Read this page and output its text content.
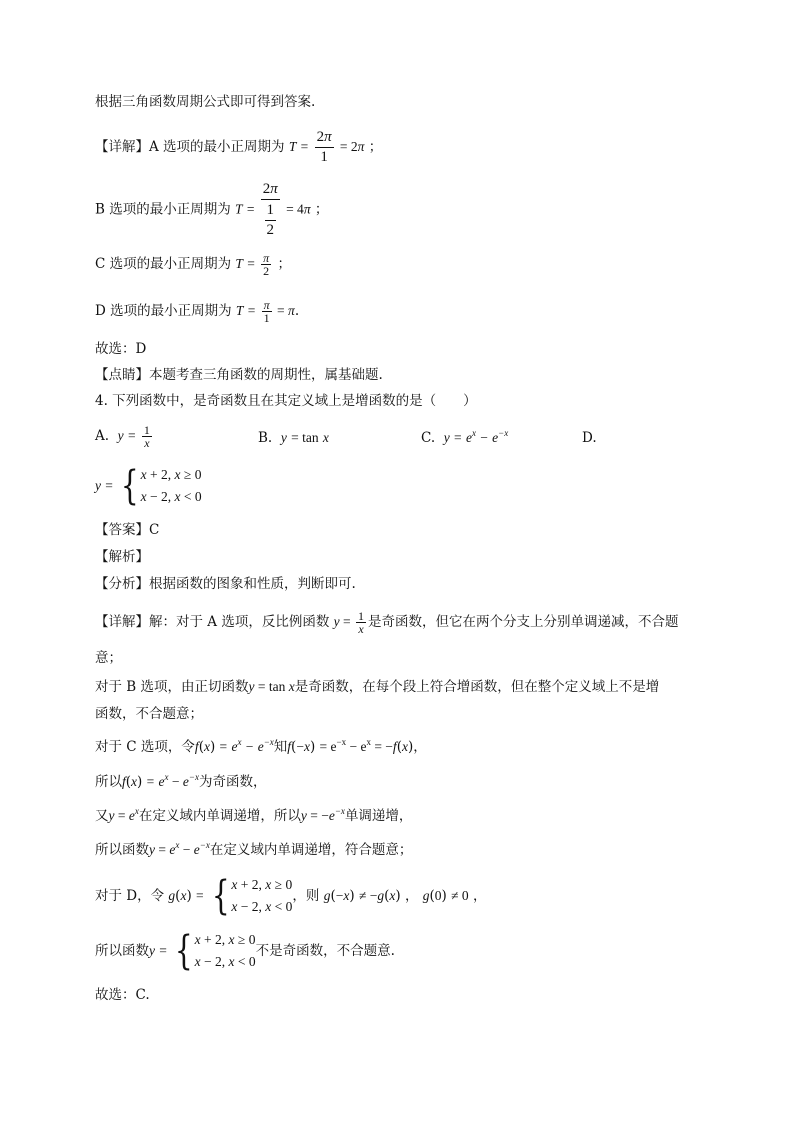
根据三角函数周期公式即可得到答案.
【详解】A 选项的最小正周期为 $T = \frac{2\pi}{1} = 2\pi$ ；
B 选项的最小正周期为 $T = \frac{2\pi}{\frac{1}{2}} = 4\pi$ ；
C 选项的最小正周期为 $T = \frac{\pi}{2}$ ；
D 选项的最小正周期为 $T = \frac{\pi}{1} = \pi$.
故选：D
【点睛】本题考查三角函数的周期性，属基础题.
4. 下列函数中，是奇函数且在其定义域上是增函数的是（　　）
A. $y = \frac{1}{x}$	B. y = tan x	C. $y = e^x - e^{-x}$	D.
y
=
{ x + 2, x ≥ 0
x − 2, x < 0
【答案】C
【解析】
【分析】根据函数的图象和性质，判断即可.
【详解】解：对于 A 选项，反比例函数 $y = \frac{1}{x}$ 是奇函数，但它在两个分支上分别单调递减，不合题
意；
对于 B 选项，由正切函数y = tan x是奇函数，在每个段上符合增函数，但在整个定义域上不是增
函数，不合题意；
对于 C 选项，令$f(x) = e^x - e^{-x}$知$f(-x) = e^{-x} - e^x = -f(x)$，
所以$f(x) = e^x - e^{-x}$为奇函数，
又$y = e^x$在定义域内单调递增，所以$y = -e^{-x}$单调递增，
所以函数$y = e^x - e^{-x}$在定义域内单调递增，符合题意；
对于 D，令
g ( x )
=
{ x + 2, x ≥ 0
x − 2, x < 0
，则
g ( − x )
≠ − g ( x ) ， g ( 0 )
≠ 0 ，
所以函数 y
=
{ x + 2, x ≥ 0
x − 2, x < 0
不是奇函数，不合题意.
故选：C.
